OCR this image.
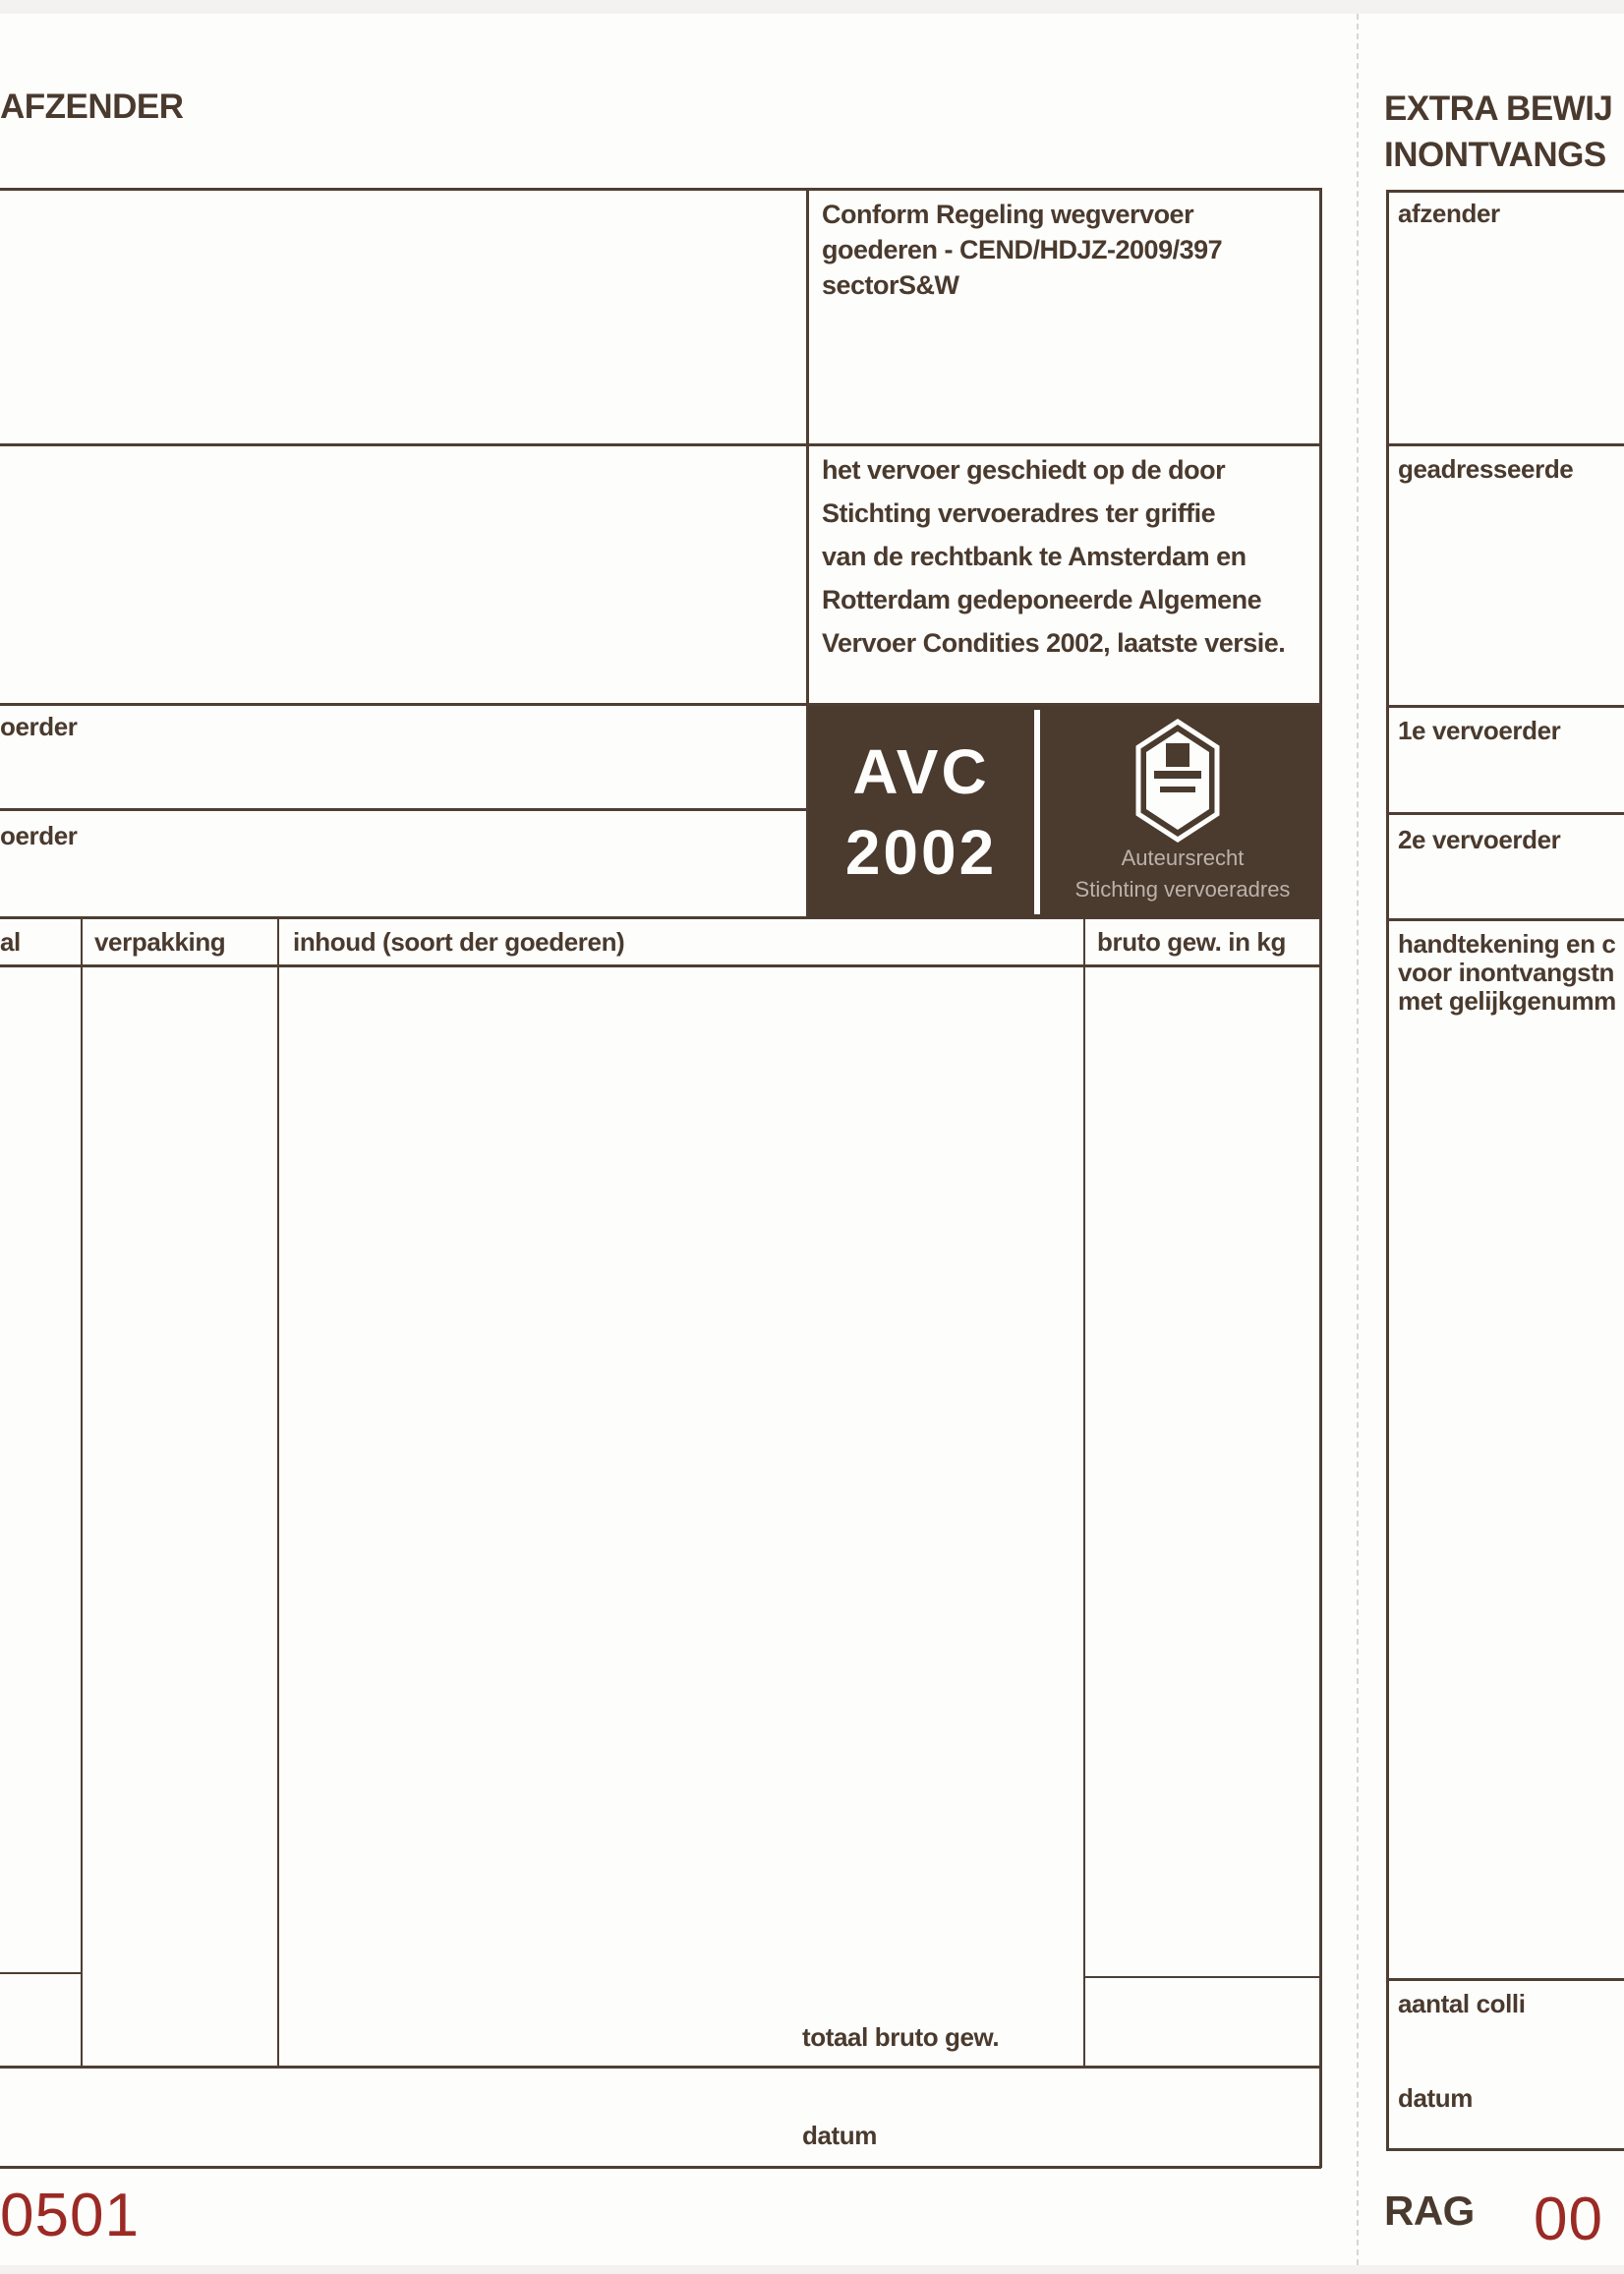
AFZENDER
Conform Regeling wegvervoer
goederen - CEND/HDJZ-2009/397
sectorS&W
het vervoer geschiedt op de door
Stichting vervoeradres ter griffie
van de rechtbank te Amsterdam en
Rotterdam gedeponeerde Algemene
Vervoer Condities 2002, laatste versie.
oerder
oerder
AVC
2002	Auteursrecht
Stichting vervoeradres
al	verpakking	inhoud (soort der goederen)	bruto gew. in kg
totaal bruto gew.
datum
0501
EXTRA BEWIJ
INONTVANGS
afzender
geadresseerde
1e vervoerder
2e vervoerder
handtekening en c
voor inontvangstn
met gelijkgenumm
aantal colli
datum
RAG 00
